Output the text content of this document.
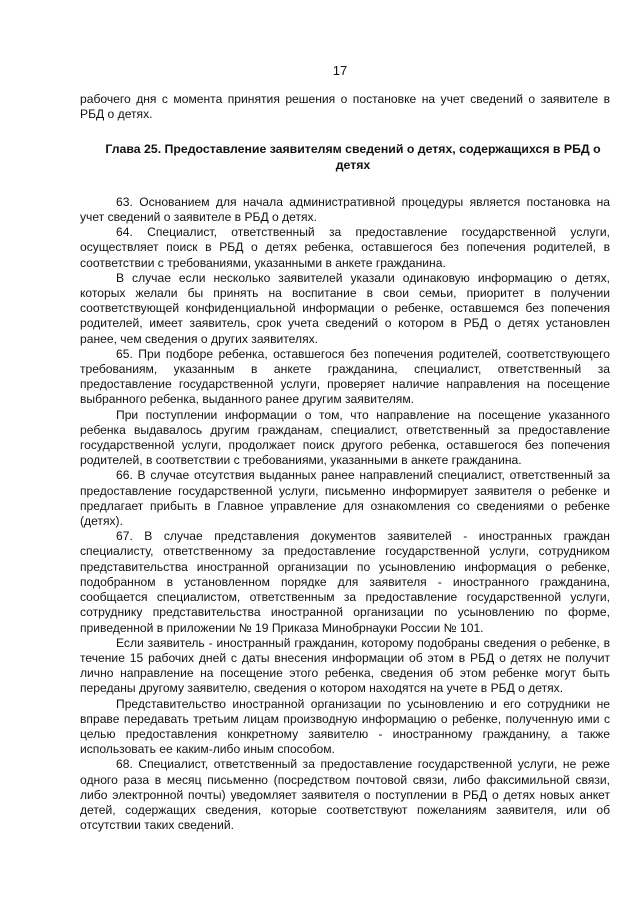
17

рабочего дня с момента принятия решения о постановке на учет сведений о заявителе в РБД о детях.

Глава 25. Предоставление заявителям сведений о детях, содержащихся в РБД о детях

63. Основанием для начала административной процедуры является постановка на учет сведений о заявителе в РБД о детях.

64. Специалист, ответственный за предоставление государственной услуги, осуществляет поиск в РБД о детях ребенка, оставшегося без попечения родителей, в соответствии с требованиями, указанными в анкете гражданина.

В случае если несколько заявителей указали одинаковую информацию о детях, которых желали бы принять на воспитание в свои семьи, приоритет в получении соответствующей конфиденциальной информации о ребенке, оставшемся без попечения родителей, имеет заявитель, срок учета сведений о котором в РБД о детях установлен ранее, чем сведения о других заявителях.

65. При подборе ребенка, оставшегося без попечения родителей, соответствующего требованиям, указанным в анкете гражданина, специалист, ответственный за предоставление государственной услуги, проверяет наличие направления на посещение выбранного ребенка, выданного ранее другим заявителям.

При поступлении информации о том, что направление на посещение указанного ребенка выдавалось другим гражданам, специалист, ответственный за предоставление государственной услуги, продолжает поиск другого ребенка, оставшегося без попечения родителей, в соответствии с требованиями, указанными в анкете гражданина.

66. В случае отсутствия выданных ранее направлений специалист, ответственный за предоставление государственной услуги, письменно информирует заявителя о ребенке и предлагает прибыть в Главное управление для ознакомления со сведениями о ребенке (детях).

67. В случае представления документов заявителей - иностранных граждан специалисту, ответственному за предоставление государственной услуги, сотрудником представительства иностранной организации по усыновлению информация о ребенке, подобранном в установленном порядке для заявителя - иностранного гражданина, сообщается специалистом, ответственным за предоставление государственной услуги, сотруднику представительства иностранной организации по усыновлению по форме, приведенной в приложении № 19 Приказа Минобрнауки России № 101.

Если заявитель - иностранный гражданин, которому подобраны сведения о ребенке, в течение 15 рабочих дней с даты внесения информации об этом в РБД о детях не получит лично направление на посещение этого ребенка, сведения об этом ребенке могут быть переданы другому заявителю, сведения о котором находятся на учете в РБД о детях.

Представительство иностранной организации по усыновлению и его сотрудники не вправе передавать третьим лицам производную информацию о ребенке, полученную ими с целью предоставления конкретному заявителю - иностранному гражданину, а также использовать ее каким-либо иным способом.

68. Специалист, ответственный за предоставление государственной услуги, не реже одного раза в месяц письменно (посредством почтовой связи, либо факсимильной связи, либо электронной почты) уведомляет заявителя о поступлении в РБД о детях новых анкет детей, содержащих сведения, которые соответствуют пожеланиям заявителя, или об отсутствии таких сведений.
